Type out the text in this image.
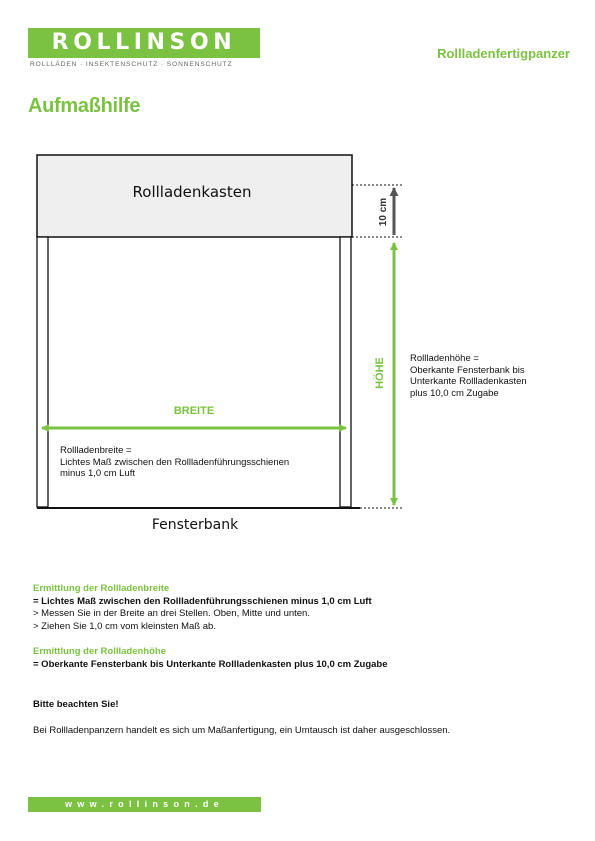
ROLLINSON
ROLLLÄDEN · INSEKTENSCHUTZ · SONNENSCHUTZ
Rollladenfertigpanzer
Aufmaßhilfe
Rollladenkasten
Fensterbank
BREITE
10 cm
HÖHE
Rollladenbreite =
Lichtes Maß zwischen den Rollladenführungsschienen
minus 1,0 cm Luft
Rollladenhöhe =
Oberkante Fensterbank bis
Unterkante Rollladenkasten
plus 10,0 cm Zugabe
Ermittlung der Rollladenbreite
= Lichtes Maß zwischen den Rollladenführungsschienen minus 1,0 cm Luft
> Messen Sie in der Breite an drei Stellen. Oben, Mitte und unten.
> Ziehen Sie 1,0 cm vom kleinsten Maß ab.
Ermittlung der Rollladenhöhe
= Oberkante Fensterbank bis Unterkante Rollladenkasten plus 10,0 cm Zugabe
Bitte beachten Sie!
Bei Rollladenpanzern handelt es sich um Maßanfertigung, ein Umtausch ist daher ausgeschlossen.
www.rollinson.de
